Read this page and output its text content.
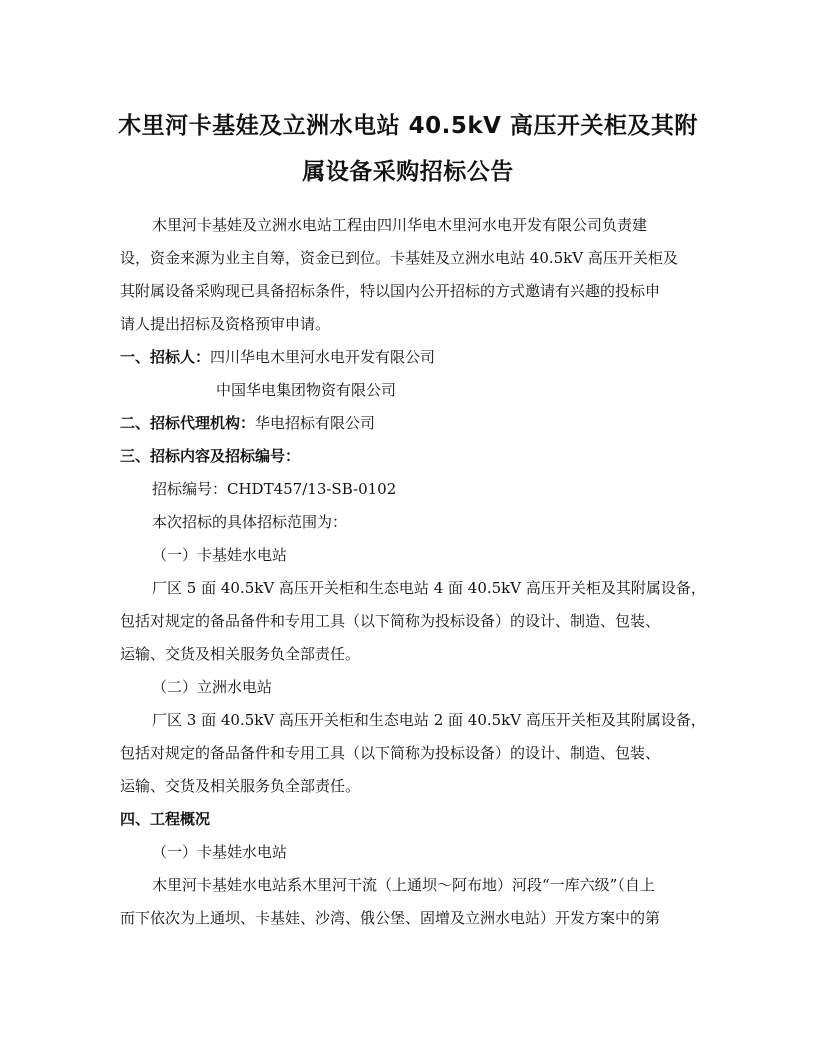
木里河卡基娃及立洲水电站 40.5kV 高压开关柜及其附
属设备采购招标公告
木里河卡基娃及立洲水电站工程由四川华电木里河水电开发有限公司负责建
设，资金来源为业主自筹，资金已到位。卡基娃及立洲水电站 40.5kV 高压开关柜及
其附属设备采购现已具备招标条件，特以国内公开招标的方式邀请有兴趣的投标申
请人提出招标及资格预审申请。
一、招标人：四川华电木里河水电开发有限公司
中国华电集团物资有限公司
二、招标代理机构：华电招标有限公司
三、招标内容及招标编号：
招标编号：CHDT457/13-SB-0102
本次招标的具体招标范围为：
（一）卡基娃水电站
厂区 5 面 40.5kV 高压开关柜和生态电站 4 面 40.5kV 高压开关柜及其附属设备，
包括对规定的备品备件和专用工具（以下简称为投标设备）的设计、制造、包装、
运输、交货及相关服务负全部责任。
（二）立洲水电站
厂区 3 面 40.5kV 高压开关柜和生态电站 2 面 40.5kV 高压开关柜及其附属设备，
包括对规定的备品备件和专用工具（以下简称为投标设备）的设计、制造、包装、
运输、交货及相关服务负全部责任。
四、工程概况
（一）卡基娃水电站
木里河卡基娃水电站系木里河干流（上通坝～阿布地）河段“一库六级”（自上
而下依次为上通坝、卡基娃、沙湾、俄公堡、固增及立洲水电站）开发方案中的第
